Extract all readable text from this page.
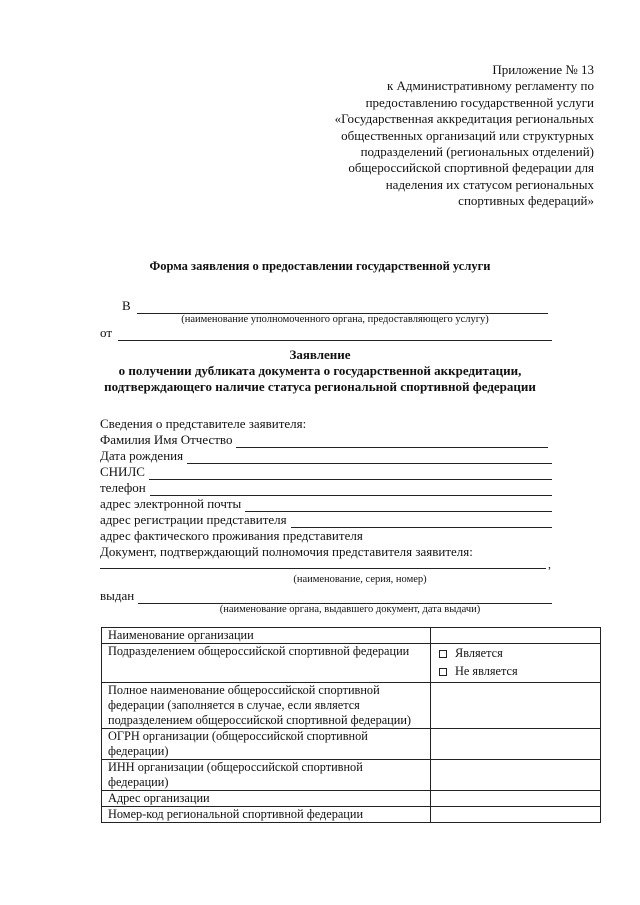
Приложение № 13
к Административному регламенту по предоставлению государственной услуги «Государственная аккредитация региональных общественных организаций или структурных подразделений (региональных отделений) общероссийской спортивной федерации для наделения их статусом региональных спортивных федераций»
Форма заявления о предоставлении государственной услуги
В
(наименование уполномоченного органа, предоставляющего услугу)
от
Заявление
о получении дубликата документа о государственной аккредитации,
подтверждающего наличие статуса региональной спортивной федерации
Сведения о представителе заявителя:
Фамилия Имя Отчество
Дата рождения
СНИЛС
телефон
адрес электронной почты
адрес регистрации представителя
адрес фактического проживания представителя
Документ, подтверждающий полномочия представителя заявителя:
,
(наименование, серия, номер)
выдан
(наименование органа, выдавшего документ, дата выдачи)
Наименование организации	
Подразделением общероссийской спортивной федерации	Является
Не является

Полное наименование общероссийской спортивной федерации (заполняется в случае, если является подразделением общероссийской спортивной федерации)	
ОГРН организации (общероссийской спортивной федерации)	
ИНН организации (общероссийской спортивной федерации)	
Адрес организации	
Номер-код региональной спортивной федерации	
